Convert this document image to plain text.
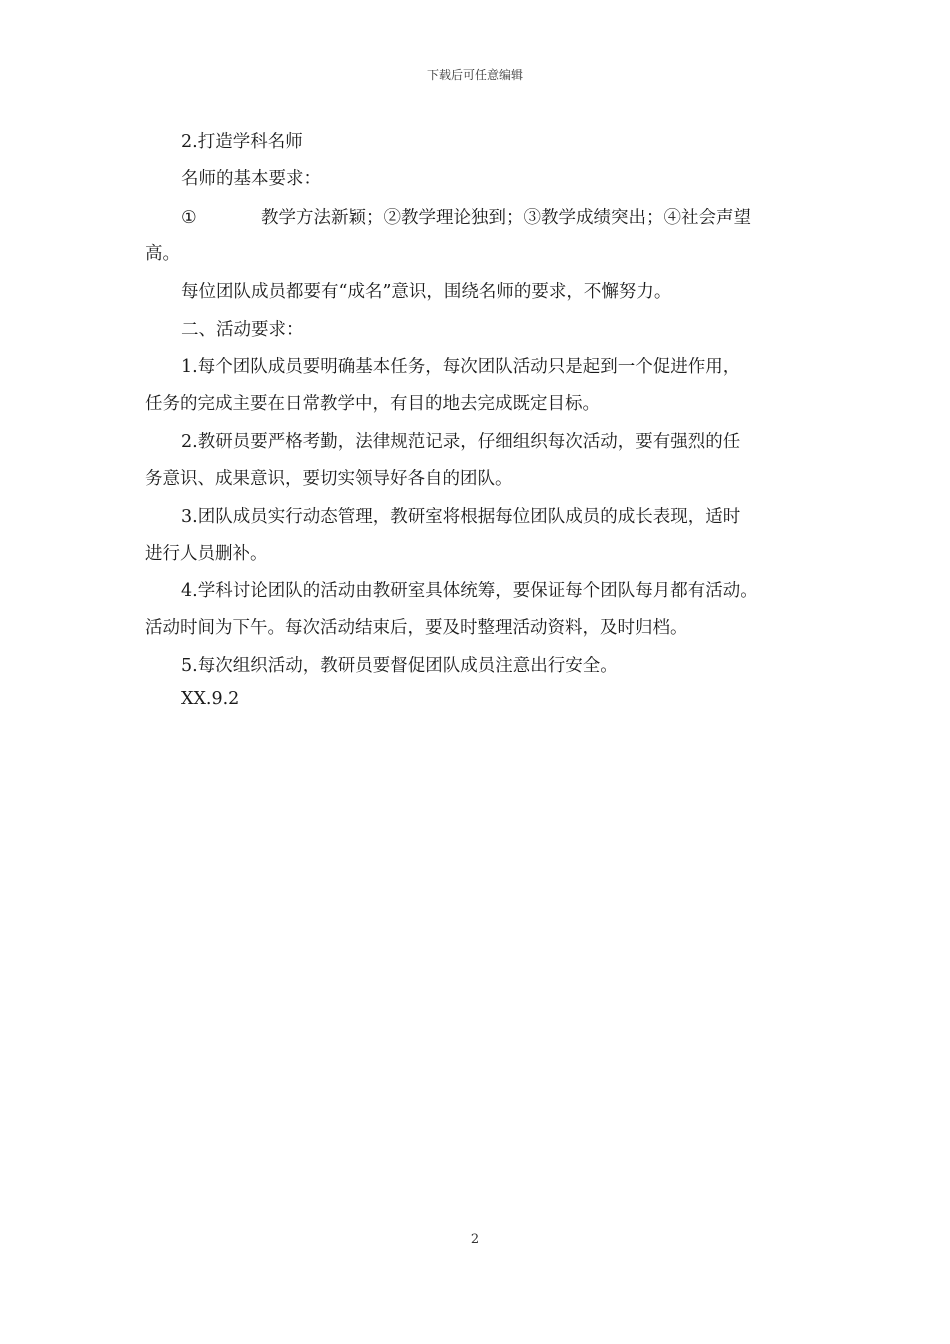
下载后可任意编辑
2.打造学科名师
名师的基本要求：
①	教学方法新颖；②教学理论独到；③教学成绩突出；④社会声望
高。
每位团队成员都要有“成名”意识，围绕名师的要求，不懈努力。
二、活动要求：
1.每个团队成员要明确基本任务，每次团队活动只是起到一个促进作用，
任务的完成主要在日常教学中，有目的地去完成既定目标。
2.教研员要严格考勤，法律规范记录，仔细组织每次活动，要有强烈的任
务意识、成果意识，要切实领导好各自的团队。
3.团队成员实行动态管理，教研室将根据每位团队成员的成长表现，适时
进行人员删补。
4.学科讨论团队的活动由教研室具体统筹，要保证每个团队每月都有活动。
活动时间为下午。每次活动结束后，要及时整理活动资料，及时归档。
5.每次组织活动，教研员要督促团队成员注意出行安全。
XX.9.2
2
